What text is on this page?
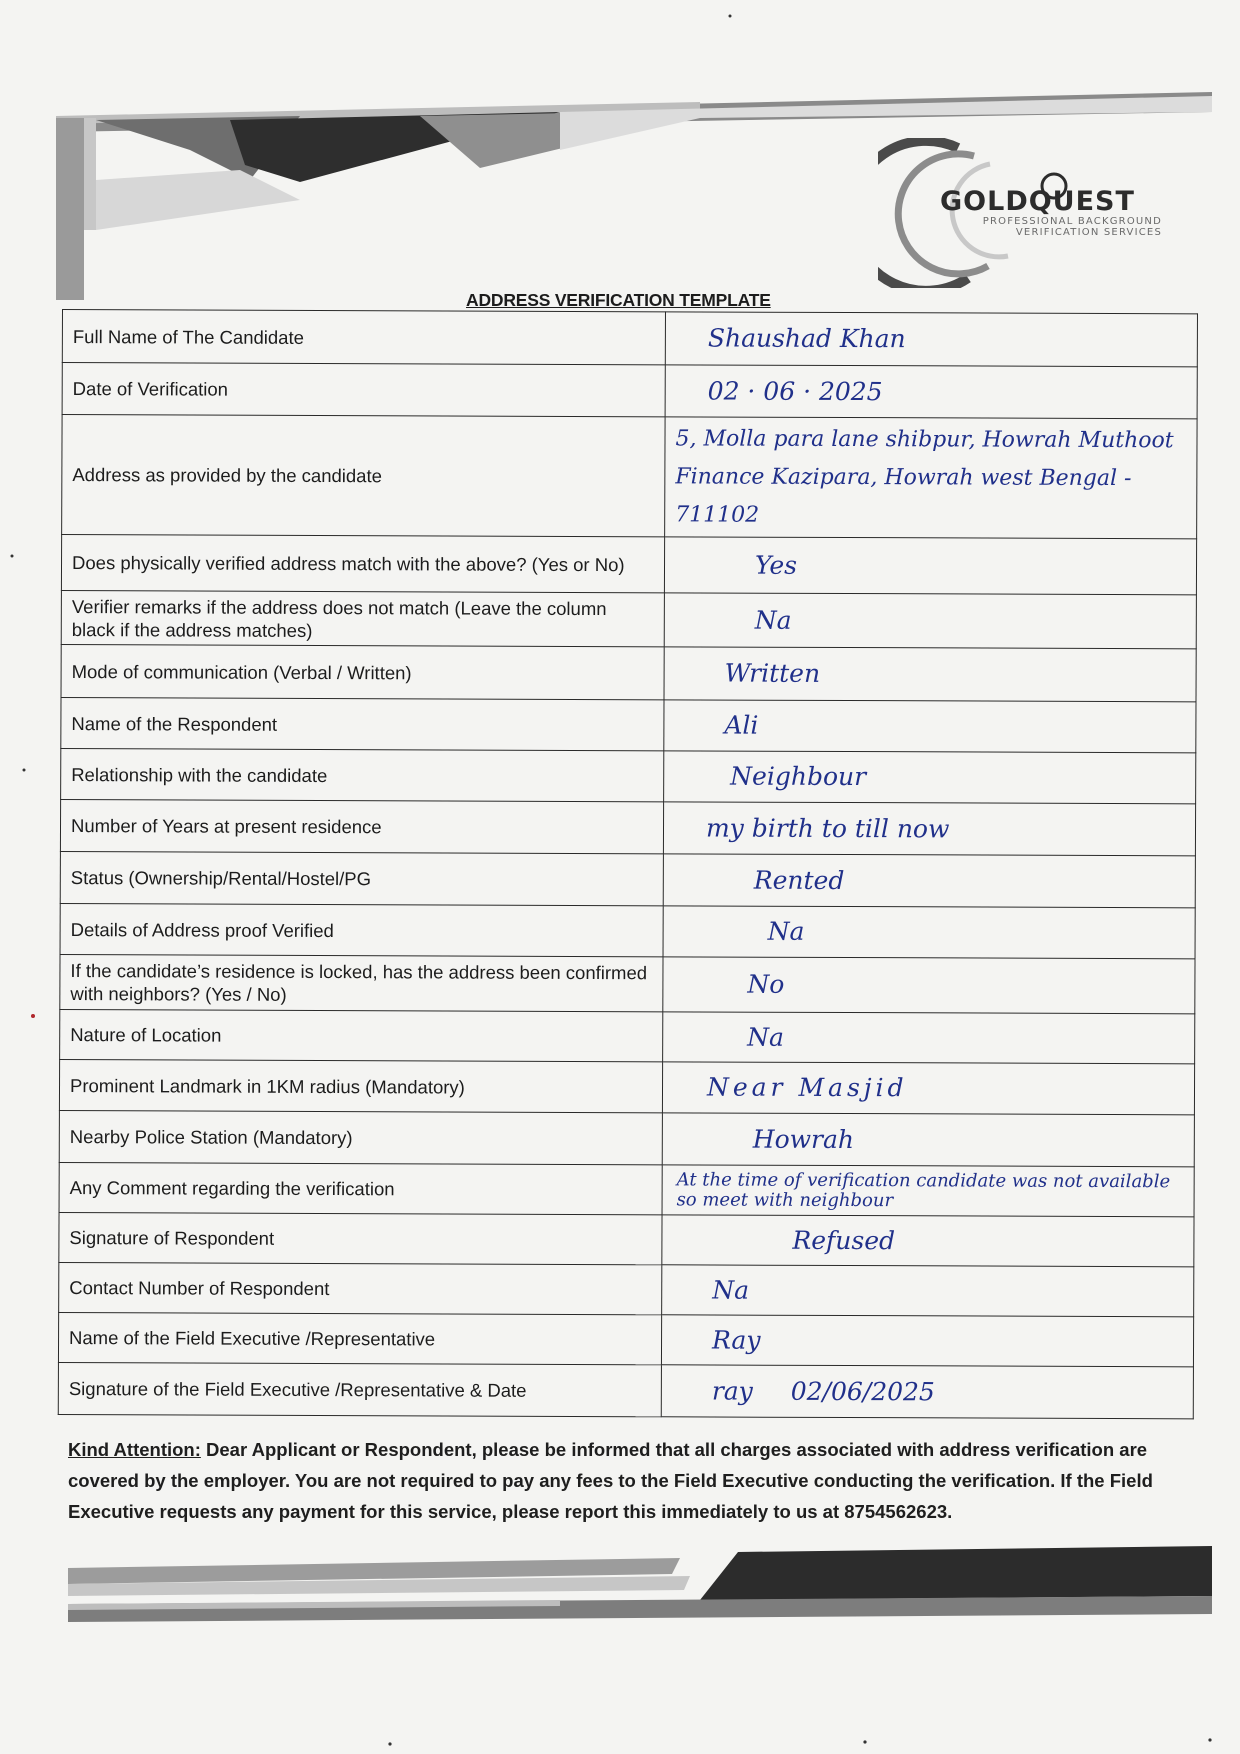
GOLDQUEST
PROFESSIONAL BACKGROUND VERIFICATION SERVICES
ADDRESS VERIFICATION TEMPLATE
Full Name of The Candidate	Shaushad Khan
Date of Verification	02 · 06 · 2025
Address as provided by the candidate	5, Molla para lane shibpur, Howrah Muthoot Finance Kazipara, Howrah west Bengal - 711102
Does physically verified address match with the above? (Yes or No)	Yes
Verifier remarks if the address does not match (Leave the column black if the address matches)	Na
Mode of communication (Verbal / Written)	Written
Name of the Respondent	Ali
Relationship with the candidate	Neighbour
Number of Years at present residence	my birth to till now
Status (Ownership/Rental/Hostel/PG	Rented
Details of Address proof Verified	Na
If the candidate’s residence is locked, has the address been confirmed with neighbors? (Yes / No)	No
Nature of Location	Na
Prominent Landmark in 1KM radius (Mandatory)	Near Masjid
Nearby Police Station (Mandatory)	Howrah
Any Comment regarding the verification	At the time of verification candidate was not available so meet with neighbour
Signature of Respondent	Refused
Contact Number of Respondent	Na
Name of the Field Executive /Representative	Ray
Signature of the Field Executive /Representative & Date	ray 02/06/2025
Kind Attention: Dear Applicant or Respondent, please be informed that all charges associated with address verification are covered by the employer. You are not required to pay any fees to the Field Executive conducting the verification. If the Field Executive requests any payment for this service, please report this immediately to us at 8754562623.
